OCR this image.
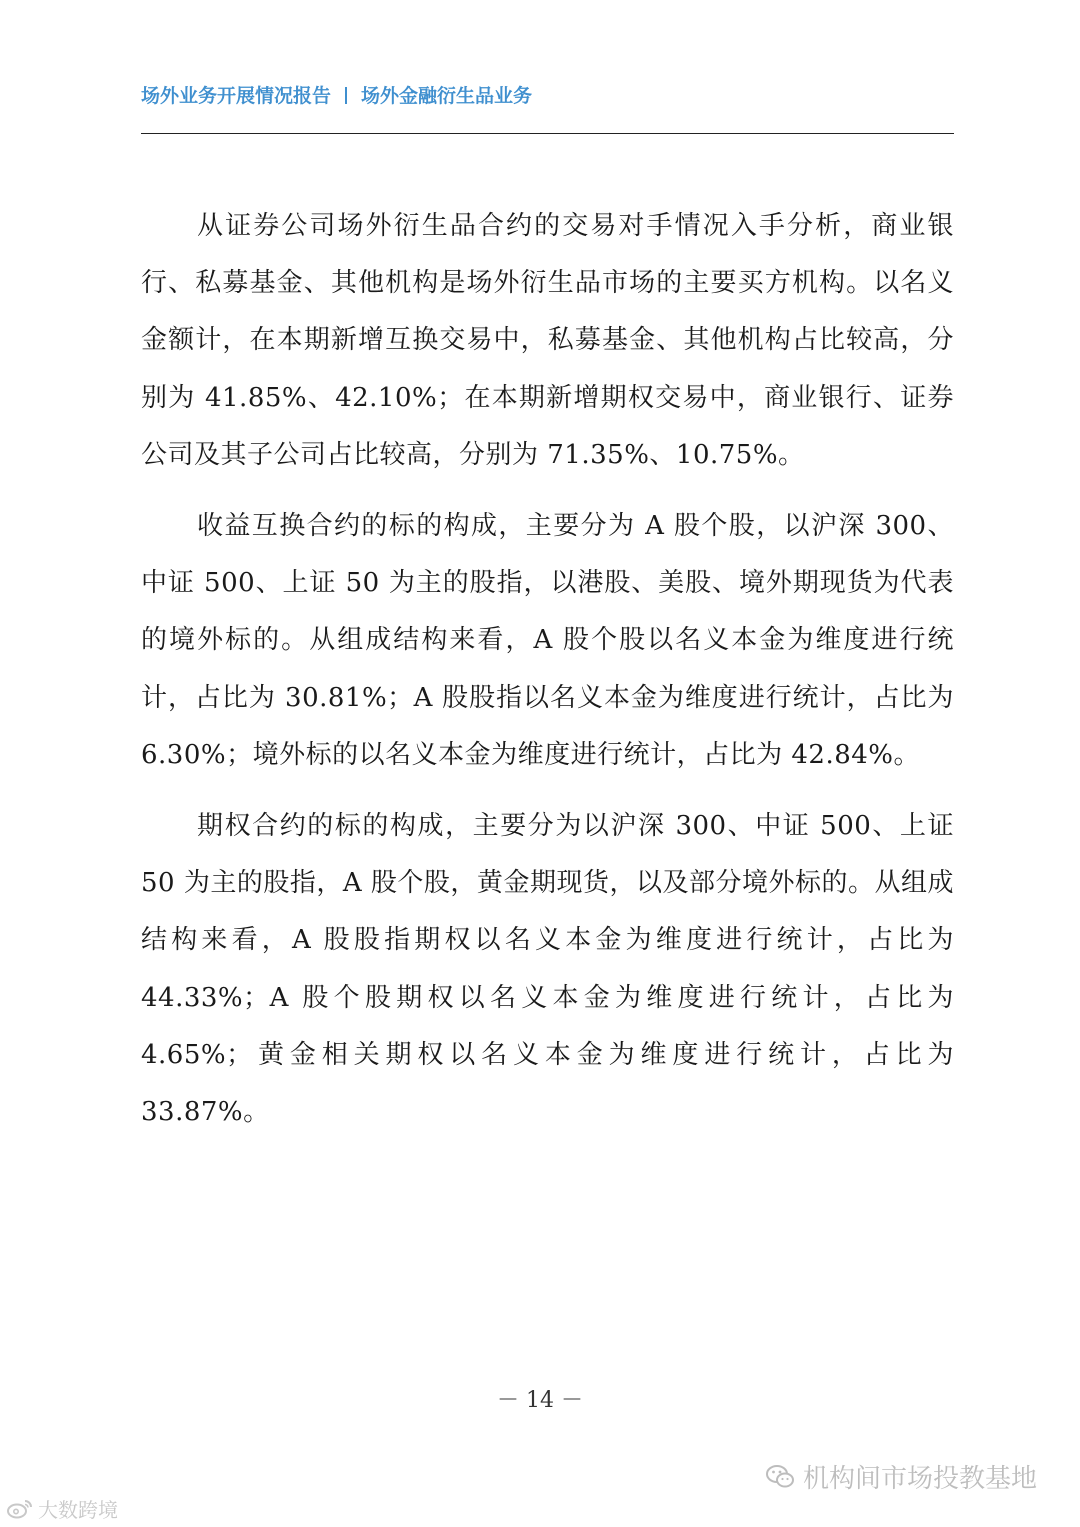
场外业务开展情况报告 场外金融衍生品业务

从证券公司场外衍生品合约的交易对手情况入手分析，商业银行、私募基金、其他机构是场外衍生品市场的主要买方机构。以名义金额计，在本期新增互换交易中，私募基金、其他机构占比较高，分别为 41.85%、42.10%；在本期新增期权交易中，商业银行、证券公司及其子公司占比较高，分别为 71.35%、10.75%。

收益互换合约的标的构成，主要分为 A 股个股，以沪深 300、中证 500、上证 50 为主的股指，以港股、美股、境外期现货为代表的境外标的。从组成结构来看，A 股个股以名义本金为维度进行统计，占比为 30.81%；A 股股指以名义本金为维度进行统计，占比为 6.30%；境外标的以名义本金为维度进行统计，占比为 42.84%。

期权合约的标的构成，主要分为以沪深 300、中证 500、上证 50 为主的股指，A 股个股，黄金期现货，以及部分境外标的。从组成结构来看，A 股股指期权以名义本金为维度进行统计，占比为 44.33%；A 股个股期权以名义本金为维度进行统计，占比为 4.65%；黄金相关期权以名义本金为维度进行统计，占比为 33.87%。

－ 14 －
机构间市场投教基地
大数跨境
